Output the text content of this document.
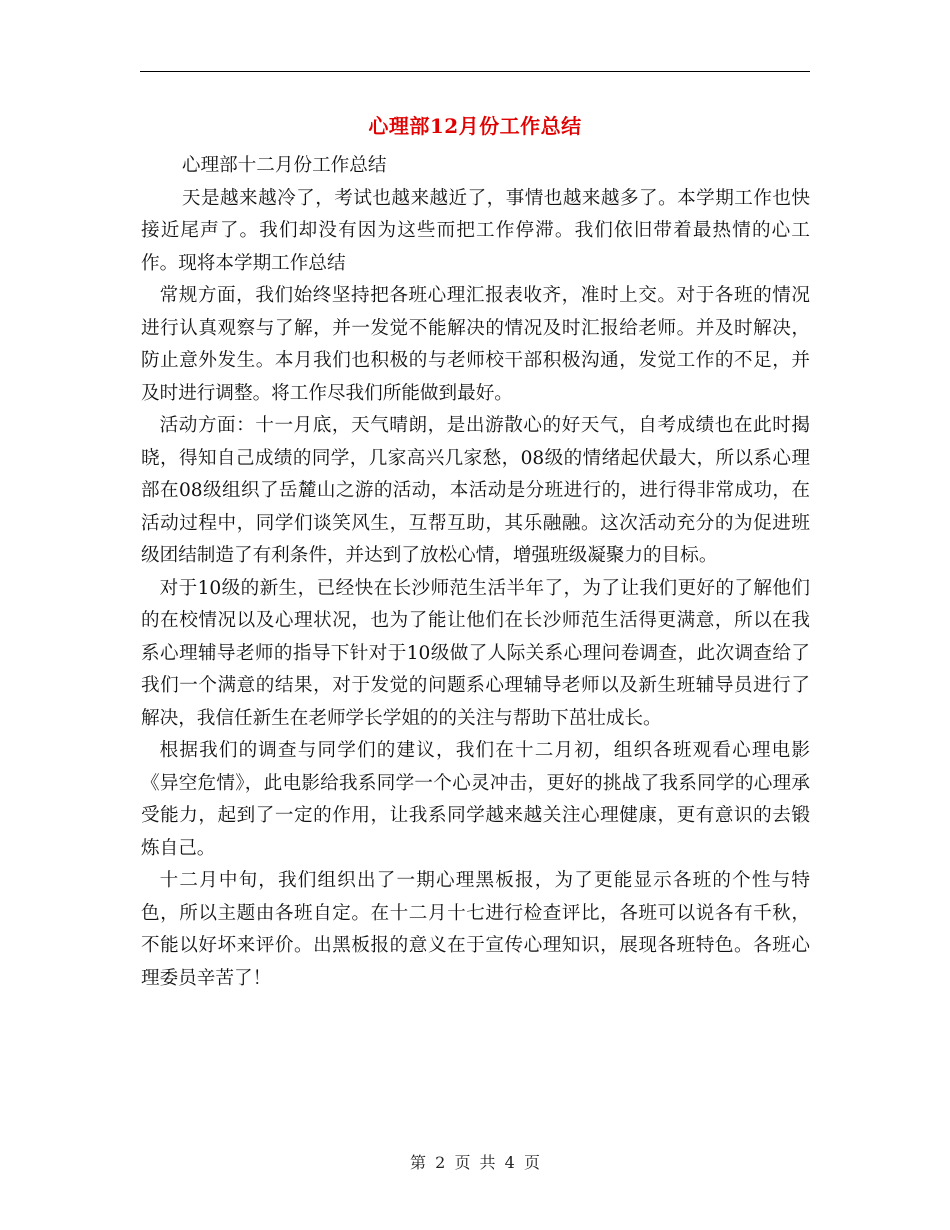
心理部12月份工作总结

心理部十二月份工作总结

天是越来越冷了，考试也越来越近了，事情也越来越多了。本学期工作也快接近尾声了。我们却没有因为这些而把工作停滞。我们依旧带着最热情的心工作。现将本学期工作总结

常规方面，我们始终坚持把各班心理汇报表收齐，准时上交。对于各班的情况进行认真观察与了解，并一发觉不能解决的情况及时汇报给老师。并及时解决，防止意外发生。本月我们也积极的与老师校干部积极沟通，发觉工作的不足，并及时进行调整。将工作尽我们所能做到最好。

活动方面：十一月底，天气晴朗，是出游散心的好天气，自考成绩也在此时揭晓，得知自己成绩的同学，几家高兴几家愁，08级的情绪起伏最大，所以系心理部在08级组织了岳麓山之游的活动，本活动是分班进行的，进行得非常成功，在活动过程中，同学们谈笑风生，互帮互助，其乐融融。这次活动充分的为促进班级团结制造了有利条件，并达到了放松心情，增强班级凝聚力的目标。

对于10级的新生，已经快在长沙师范生活半年了，为了让我们更好的了解他们的在校情况以及心理状况，也为了能让他们在长沙师范生活得更满意，所以在我系心理辅导老师的指导下针对于10级做了人际关系心理问卷调查，此次调查给了我们一个满意的结果，对于发觉的问题系心理辅导老师以及新生班辅导员进行了解决，我信任新生在老师学长学姐的的关注与帮助下茁壮成长。

根据我们的调查与同学们的建议，我们在十二月初，组织各班观看心理电影《异空危情》，此电影给我系同学一个心灵冲击，更好的挑战了我系同学的心理承受能力，起到了一定的作用，让我系同学越来越关注心理健康，更有意识的去锻炼自己。

十二月中旬，我们组织出了一期心理黑板报，为了更能显示各班的个性与特色，所以主题由各班自定。在十二月十七进行检查评比，各班可以说各有千秋，不能以好坏来评价。出黑板报的意义在于宣传心理知识，展现各班特色。各班心理委员辛苦了！

第 2 页 共 4 页
